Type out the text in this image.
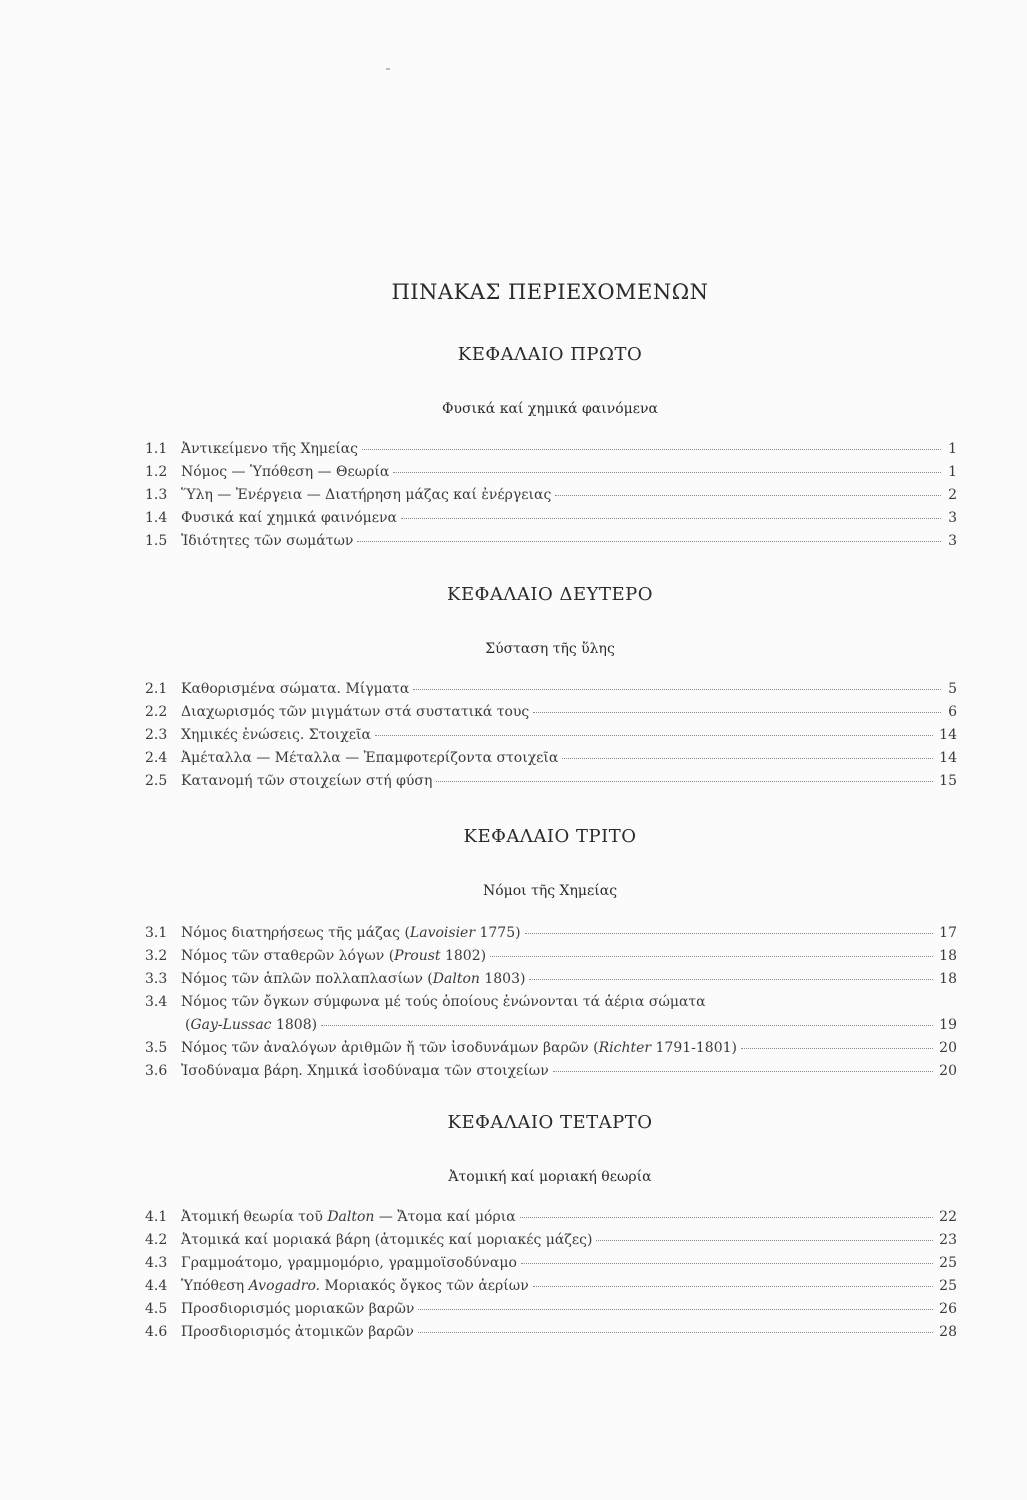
ΠΙΝΑΚΑΣ ΠΕΡΙΕΧΟΜΕΝΩΝ
ΚΕΦΑΛΑΙΟ ΠΡΩΤΟ
Φυσικά καί χημικά φαινόμενα
1.1 Ἀντικείμενο τῆς Χημείας	1
1.2 Νόμος — Ὑπόθεση — Θεωρία	1
1.3 Ὕλη — Ἐνέργεια — Διατήρηση μάζας καί ἐνέργειας	2
1.4 Φυσικά καί χημικά φαινόμενα	3
1.5 Ἰδιότητες τῶν σωμάτων	3
ΚΕΦΑΛΑΙΟ ΔΕΥΤΕΡΟ
Σύσταση τῆς ὕλης
2.1 Καθορισμένα σώματα. Μίγματα	5
2.2 Διαχωρισμός τῶν μιγμάτων στά συστατικά τους	6
2.3 Χημικές ἑνώσεις. Στοιχεῖα	14
2.4 Ἀμέταλλα — Μέταλλα — Ἐπαμφοτερίζοντα στοιχεῖα	14
2.5 Κατανομή τῶν στοιχείων στή φύση	15
ΚΕΦΑΛΑΙΟ ΤΡΙΤΟ
Νόμοι τῆς Χημείας
3.1 Νόμος διατηρήσεως τῆς μάζας (Lavoisier 1775)	17
3.2 Νόμος τῶν σταθερῶν λόγων (Proust 1802)	18
3.3 Νόμος τῶν ἁπλῶν πολλαπλασίων (Dalton 1803)	18
3.4 Νόμος τῶν ὄγκων σύμφωνα μέ τούς ὁποίους ἑνώνονται τά ἀέρια σώματα
(Gay-Lussac 1808)	19
3.5 Νόμος τῶν ἀναλόγων ἀριθμῶν ἤ τῶν ἰσοδυνάμων βαρῶν (Richter 1791-1801)	20
3.6 Ἰσοδύναμα βάρη. Χημικά ἰσοδύναμα τῶν στοιχείων	20
ΚΕΦΑΛΑΙΟ ΤΕΤΑΡΤΟ
Ἀτομική καί μοριακή θεωρία
4.1 Ἀτομική θεωρία τοῦ Dalton — Ἄτομα καί μόρια	22
4.2 Ἀτομικά καί μοριακά βάρη (ἀτομικές καί μοριακές μάζες)	23
4.3 Γραμμοάτομο, γραμμομόριο, γραμμοϊσοδύναμο	25
4.4 Ὑπόθεση Avogadro. Μοριακός ὄγκος τῶν ἀερίων	25
4.5 Προσδιορισμός μοριακῶν βαρῶν	26
4.6 Προσδιορισμός ἀτομικῶν βαρῶν	28
